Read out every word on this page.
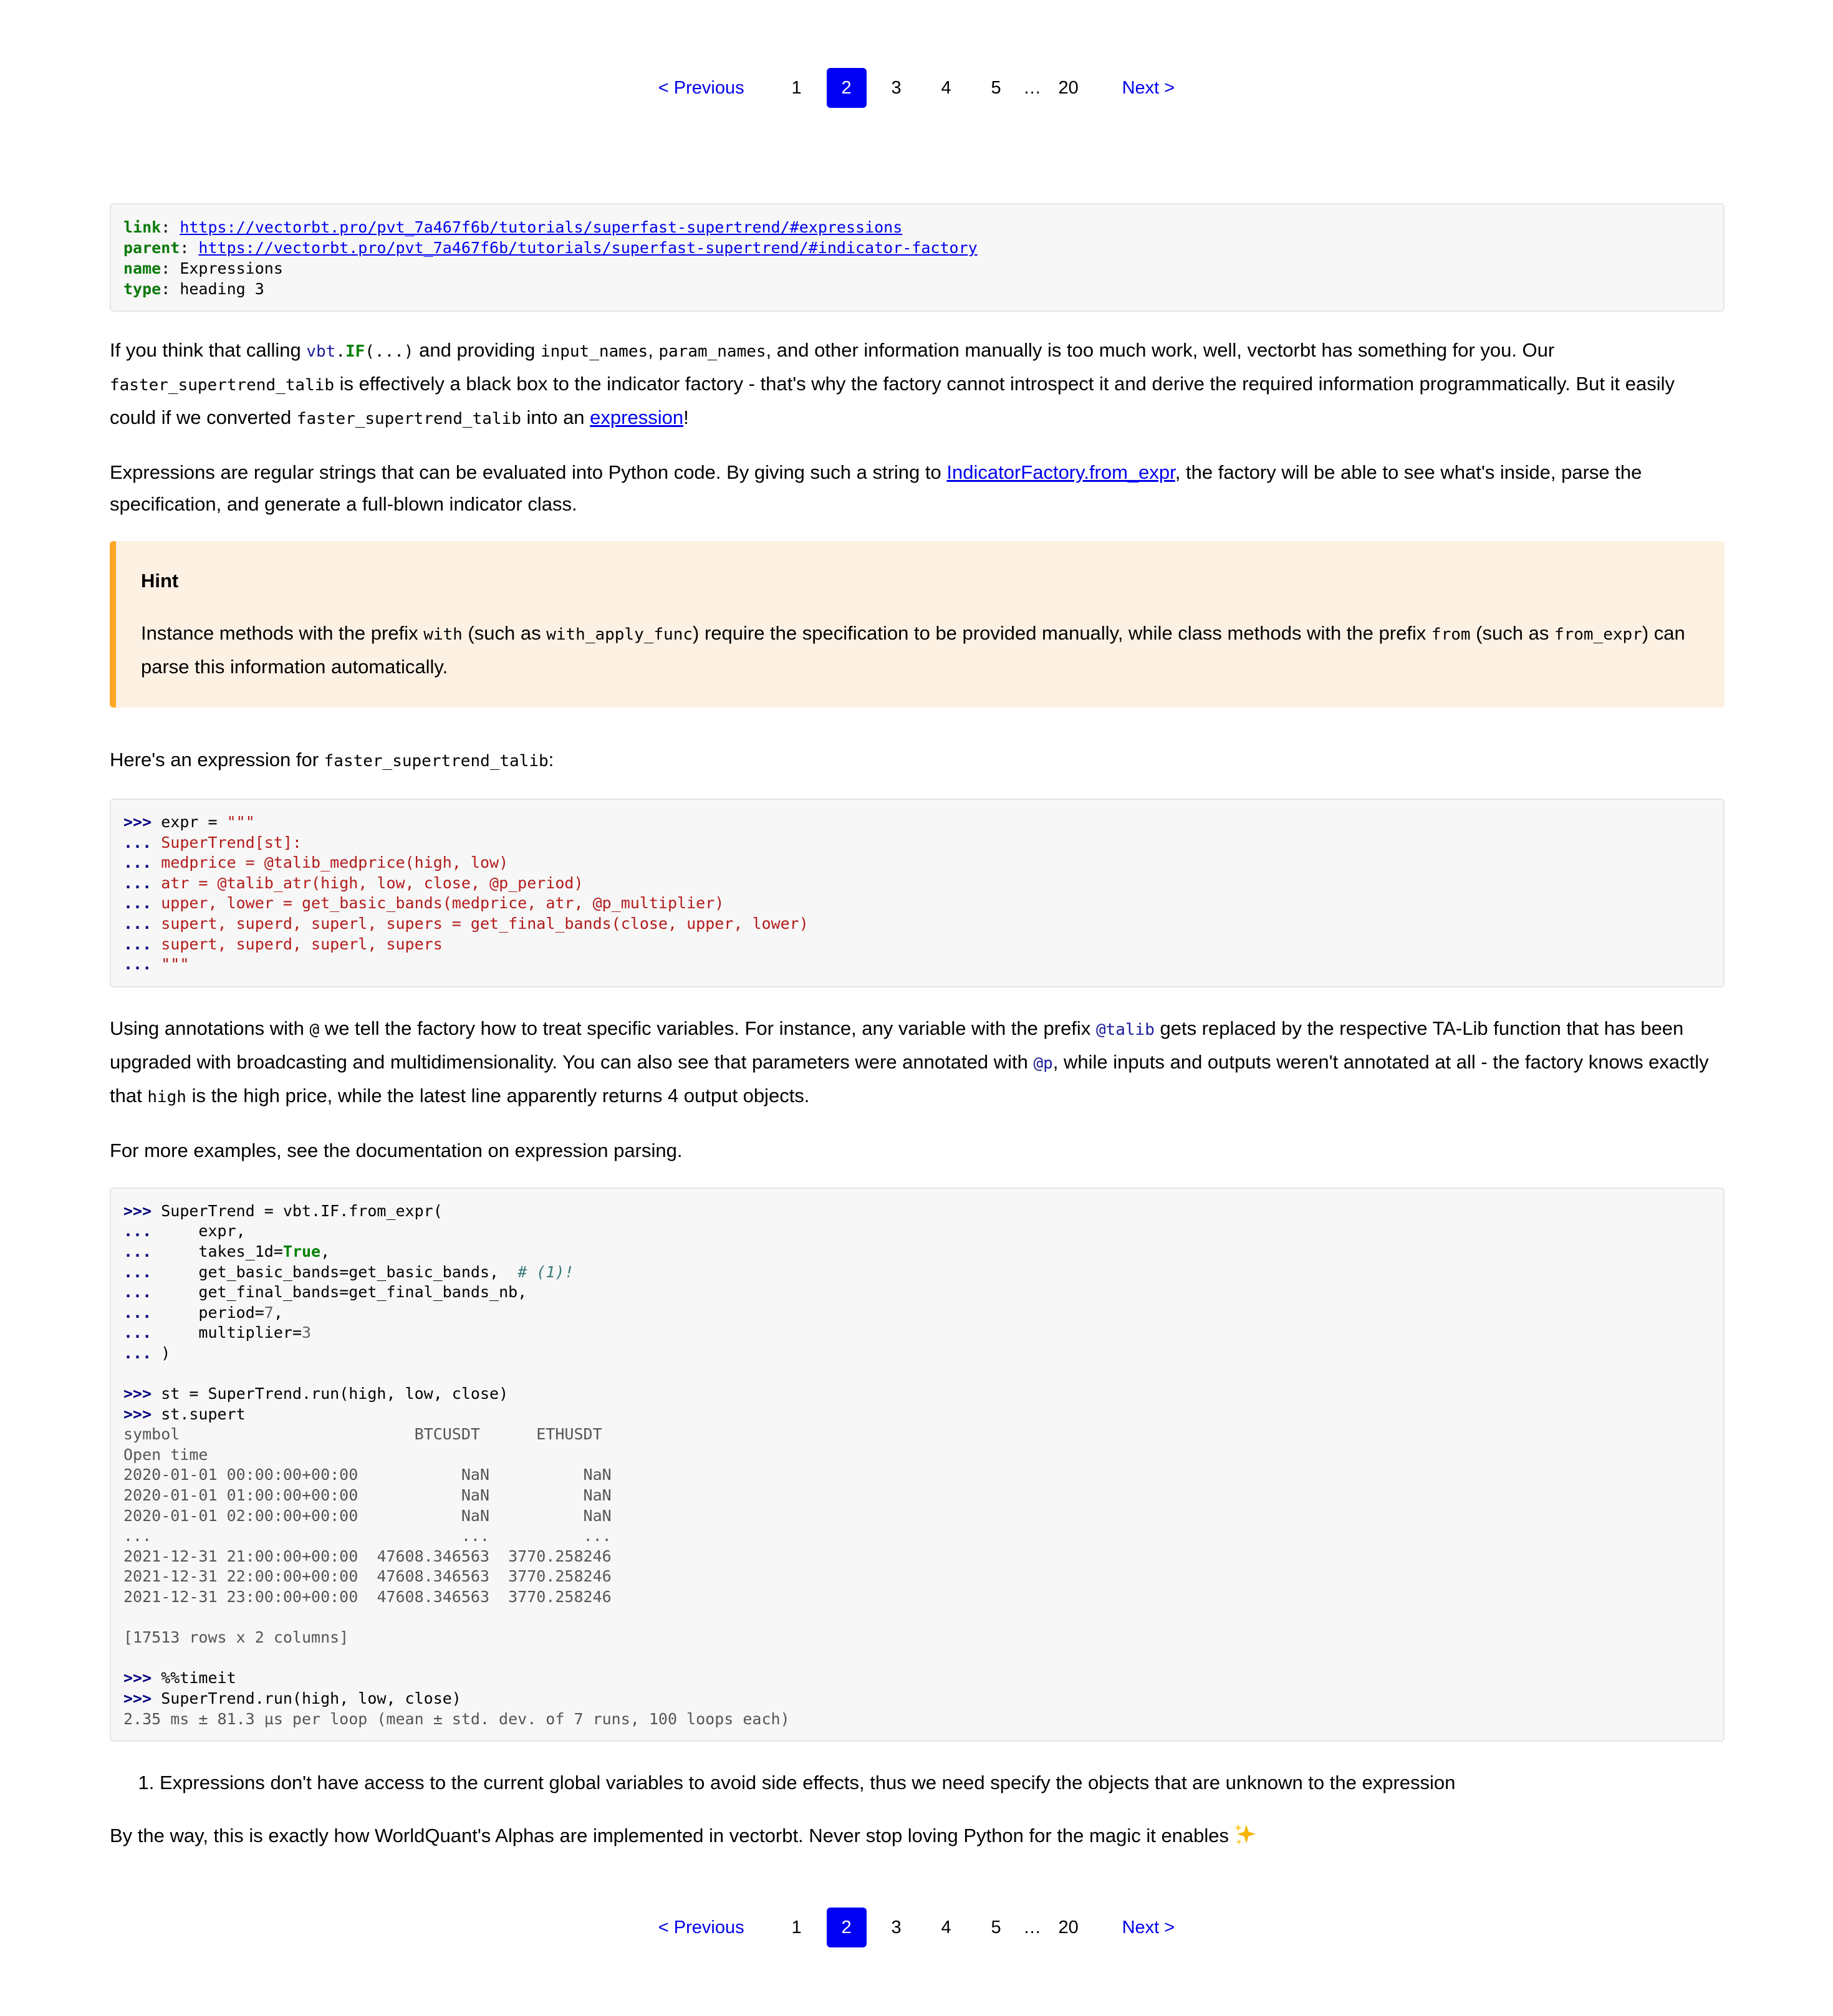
< Previous	1	2	3	4	5	… 20	Next >
link: https://vectorbt.pro/pvt_7a467f6b/tutorials/superfast-supertrend/#expressions
parent: https://vectorbt.pro/pvt_7a467f6b/tutorials/superfast-supertrend/#indicator-factory
name: Expressions
type: heading 3

If you think that calling vbt.IF(...) and providing input_names, param_names, and other information manually is too much work, well, vectorbt has something for you. Our faster_supertrend_talib is effectively a black box to the indicator factory - that's why the factory cannot introspect it and derive the required information programmatically. But it easily could if we converted faster_supertrend_talib into an expression!

Expressions are regular strings that can be evaluated into Python code. By giving such a string to IndicatorFactory.from_expr, the factory will be able to see what's inside, parse the specification, and generate a full-blown indicator class.

Hint
Instance methods with the prefix with (such as with_apply_func) require the specification to be provided manually, while class methods with the prefix from (such as from_expr) can parse this information automatically.

Here's an expression for faster_supertrend_talib:

>>> expr = """
... SuperTrend[st]:
... medprice = @talib_medprice(high, low)
... atr = @talib_atr(high, low, close, @p_period)
... upper, lower = get_basic_bands(medprice, atr, @p_multiplier)
... supert, superd, superl, supers = get_final_bands(close, upper, lower)
... supert, superd, superl, supers
... """

Using annotations with @ we tell the factory how to treat specific variables. For instance, any variable with the prefix @talib gets replaced by the respective TA-Lib function that has been upgraded with broadcasting and multidimensionality. You can also see that parameters were annotated with @p, while inputs and outputs weren't annotated at all - the factory knows exactly that high is the high price, while the latest line apparently returns 4 output objects.

For more examples, see the documentation on expression parsing.

>>> SuperTrend = vbt.IF.from_expr(
...     expr,
...     takes_1d=True,
...     get_basic_bands=get_basic_bands, # (1)!
...     get_final_bands=get_final_bands_nb,
...     period=7,
...     multiplier=3
... )

>>> st = SuperTrend.run(high, low, close)
>>> st.supert
symbol                         BTCUSDT      ETHUSDT
Open time
2020-01-01 00:00:00+00:00           NaN          NaN
2020-01-01 01:00:00+00:00           NaN          NaN
2020-01-01 02:00:00+00:00           NaN          NaN
...                                 ...          ...
2021-12-31 21:00:00+00:00  47608.346563  3770.258246
2021-12-31 22:00:00+00:00  47608.346563  3770.258246
2021-12-31 23:00:00+00:00  47608.346563  3770.258246

[17513 rows x 2 columns]

>>> %%timeit
>>> SuperTrend.run(high, low, close)
2.35 ms ± 81.3 µs per loop (mean ± std. dev. of 7 runs, 100 loops each)
1. Expressions don't have access to the current global variables to avoid side effects, thus we need specify the objects that are unknown to the expression

By the way, this is exactly how WorldQuant's Alphas are implemented in vectorbt. Never stop loving Python for the magic it enables

< Previous	1	2	3	4	5	… 20	Next >
